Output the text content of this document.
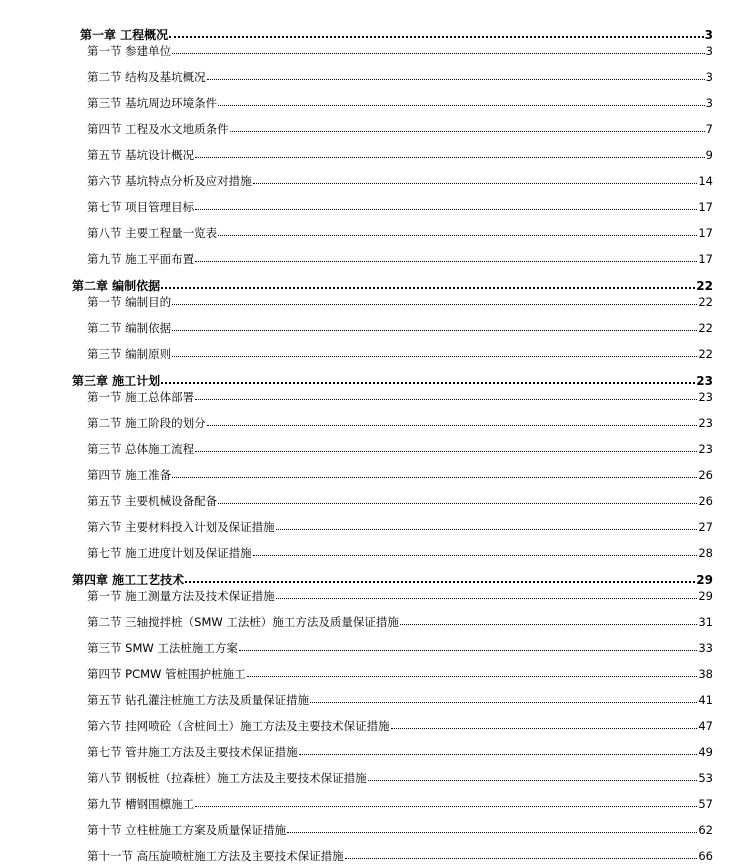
第一章 工程概况	3
第一节 参建单位	3
第二节 结构及基坑概况	3
第三节 基坑周边环境条件	3
第四节 工程及水文地质条件	7
第五节 基坑设计概况	9
第六节 基坑特点分析及应对措施	14
第七节 项目管理目标	17
第八节 主要工程量一览表	17
第九节 施工平面布置	17
第二章 编制依据	22
第一节 编制目的	22
第二节 编制依据	22
第三节 编制原则	22
第三章 施工计划	23
第一节 施工总体部署	23
第二节 施工阶段的划分	23
第三节 总体施工流程	23
第四节 施工准备	26
第五节 主要机械设备配备	26
第六节 主要材料投入计划及保证措施	27
第七节 施工进度计划及保证措施	28
第四章 施工工艺技术	29
第一节 施工测量方法及技术保证措施	29
第二节 三轴搅拌桩（SMW 工法桩）施工方法及质量保证措施	31
第三节 SMW 工法桩施工方案	33
第四节 PCMW 管桩围护桩施工	38
第五节 钻孔灌注桩施工方法及质量保证措施	41
第六节 挂网喷砼（含桩间土）施工方法及主要技术保证措施	47
第七节 管井施工方法及主要技术保证措施	49
第八节 钢板桩（拉森桩）施工方法及主要技术保证措施	53
第九节 槽钢围檩施工	57
第十节 立柱桩施工方案及质量保证措施	62
第十一节 高压旋喷桩施工方法及主要技术保证措施	66
